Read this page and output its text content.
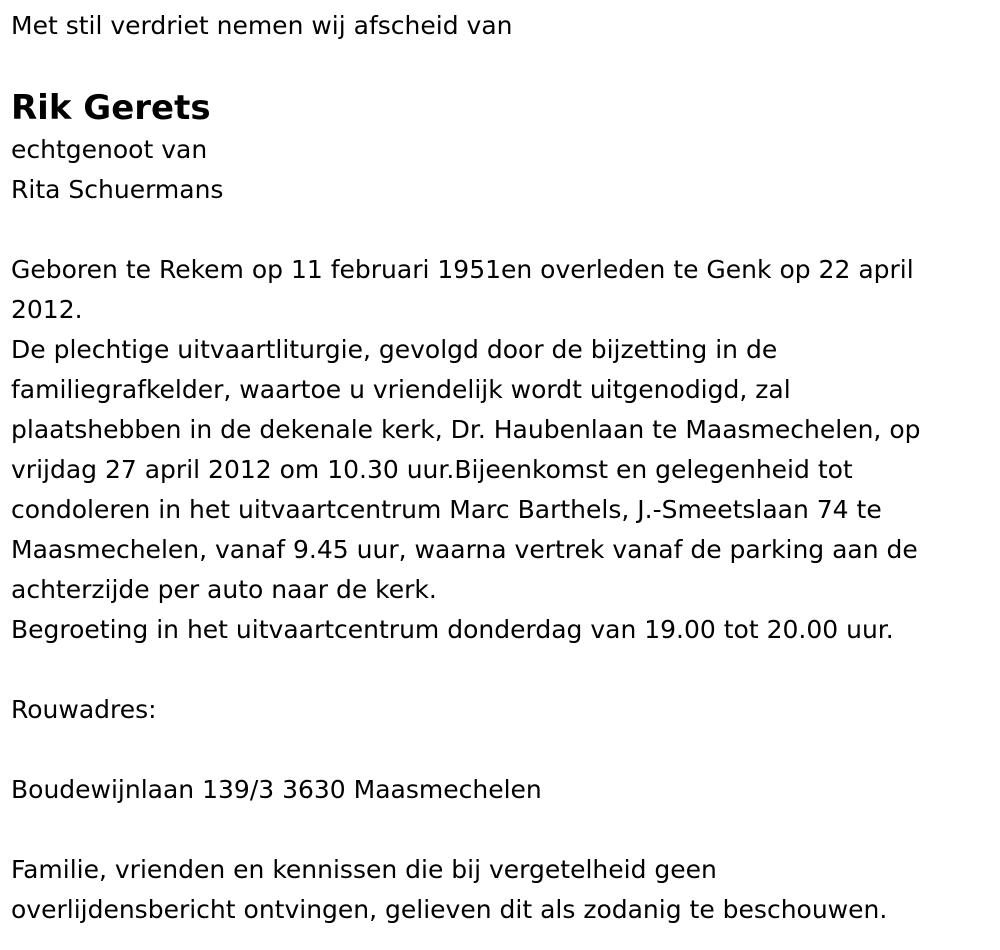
Met stil verdriet nemen wij afscheid van

Rik Gerets

echtgenoot van

Rita Schuermans

Geboren te Rekem op 11 februari 1951en overleden te Genk op 22 april

2012.

De plechtige uitvaartliturgie, gevolgd door de bijzetting in de

familiegrafkelder, waartoe u vriendelijk wordt uitgenodigd, zal

plaatshebben in de dekenale kerk, Dr. Haubenlaan te Maasmechelen, op

vrijdag 27 april 2012 om 10.30 uur.Bijeenkomst en gelegenheid tot

condoleren in het uitvaartcentrum Marc Barthels, J.-Smeetslaan 74 te

Maasmechelen, vanaf 9.45 uur, waarna vertrek vanaf de parking aan de

achterzijde per auto naar de kerk.

Begroeting in het uitvaartcentrum donderdag van 19.00 tot 20.00 uur.

Rouwadres:

Boudewijnlaan 139/3 3630 Maasmechelen

Familie, vrienden en kennissen die bij vergetelheid geen

overlijdensbericht ontvingen, gelieven dit als zodanig te beschouwen.
